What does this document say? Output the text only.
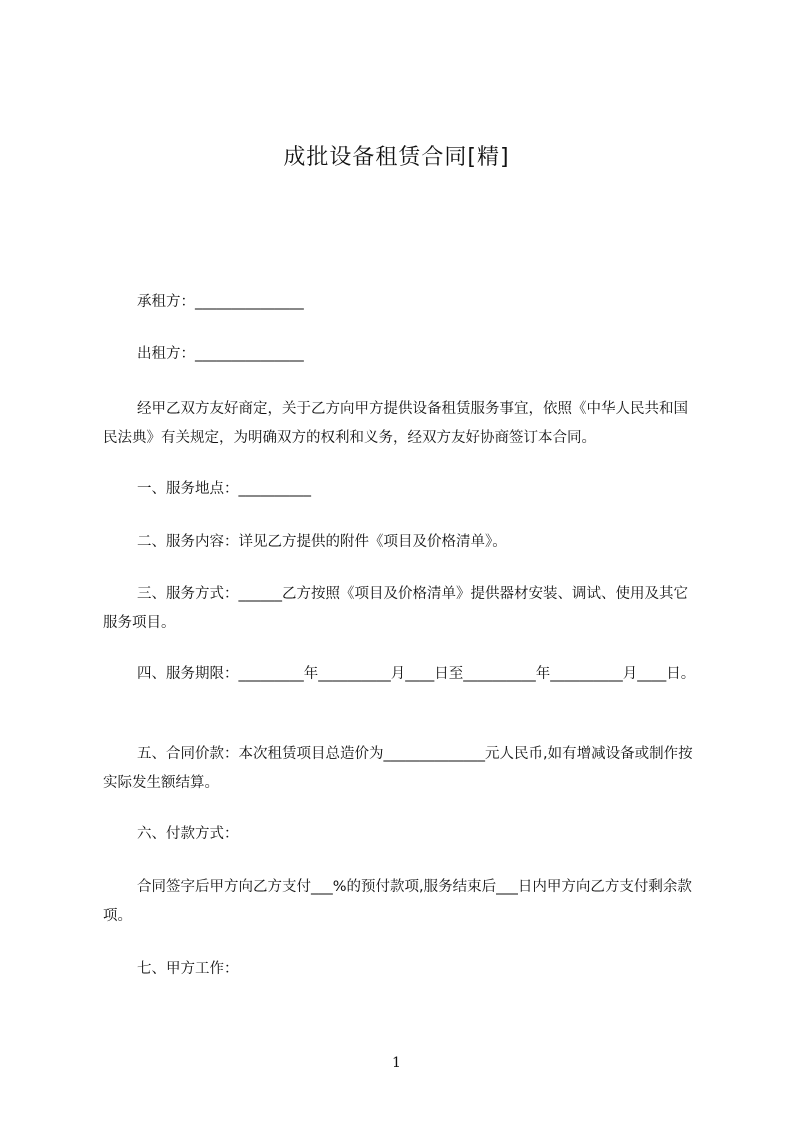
成批设备租赁合同[精]
承租方：_______________
出租方：_______________
经甲乙双方友好商定，关于乙方向甲方提供设备租赁服务事宜，依照《中华人民共和国民法典》有关规定，为明确双方的权利和义务，经双方友好协商签订本合同。
一、服务地点：__________
二、服务内容：详见乙方提供的附件《项目及价格清单》。
三、服务方式：______乙方按照《项目及价格清单》提供器材安装、调试、使用及其它服务项目。
四、服务期限：_________年__________月____日至__________年__________月____日。
五、合同价款：本次租赁项目总造价为______________元人民币,如有增减设备或制作按实际发生额结算。
六、付款方式：
合同签字后甲方向乙方支付___%的预付款项,服务结束后___日内甲方向乙方支付剩余款项。
七、甲方工作：
1
